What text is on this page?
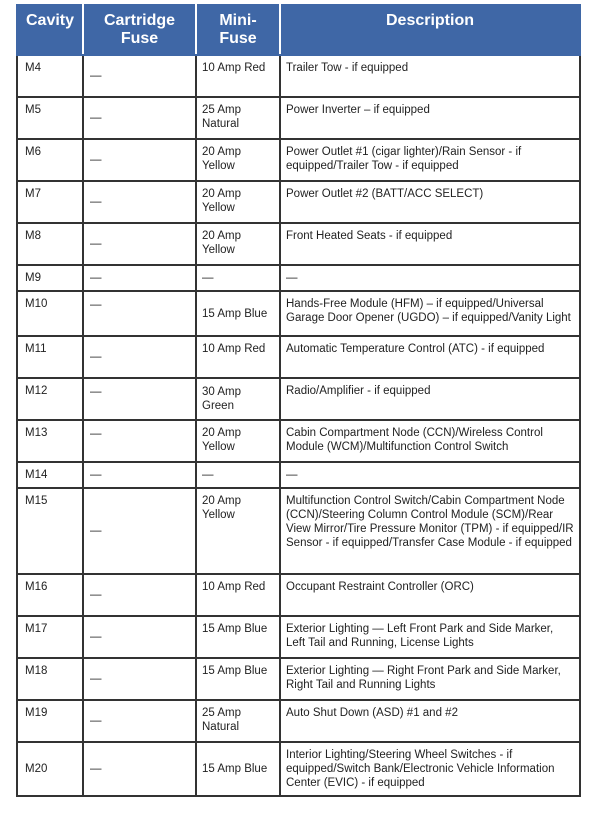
Cavity	Cartridge Fuse	Mini-Fuse	Description
M4	—	10 Amp Red	Trailer Tow - if equipped
M5	—	25 Amp Natural	Power Inverter – if equipped
M6	—	20 Amp Yellow	Power Outlet #1 (cigar lighter)/Rain Sensor - if equipped/Trailer Tow - if equipped
M7	—	20 Amp Yellow	Power Outlet #2 (BATT/ACC SELECT)
M8	—	20 Amp Yellow	Front Heated Seats - if equipped
M9	—	—	—
M10	—	15 Amp Blue	Hands-Free Module (HFM) – if equipped/Universal Garage Door Opener (UGDO) – if equipped/Vanity Light
M11	—	10 Amp Red	Automatic Temperature Control (ATC) - if equipped
M12	—	30 Amp Green	Radio/Amplifier - if equipped
M13	—	20 Amp Yellow	Cabin Compartment Node (CCN)/Wireless Control Module (WCM)/Multifunction Control Switch
M14	—	—	—
M15	—	20 Amp Yellow	Multifunction Control Switch/Cabin Compartment Node (CCN)/Steering Column Control Module (SCM)/Rear View Mirror/Tire Pressure Monitor (TPM) - if equipped/IR Sensor - if equipped/Transfer Case Module - if equipped
M16	—	10 Amp Red	Occupant Restraint Controller (ORC)
M17	—	15 Amp Blue	Exterior Lighting — Left Front Park and Side Marker, Left Tail and Running, License Lights
M18	—	15 Amp Blue	Exterior Lighting — Right Front Park and Side Marker, Right Tail and Running Lights
M19	—	25 Amp Natural	Auto Shut Down (ASD) #1 and #2
M20	—	15 Amp Blue	Interior Lighting/Steering Wheel Switches - if equipped/Switch Bank/Electronic Vehicle Information Center (EVIC) - if equipped
